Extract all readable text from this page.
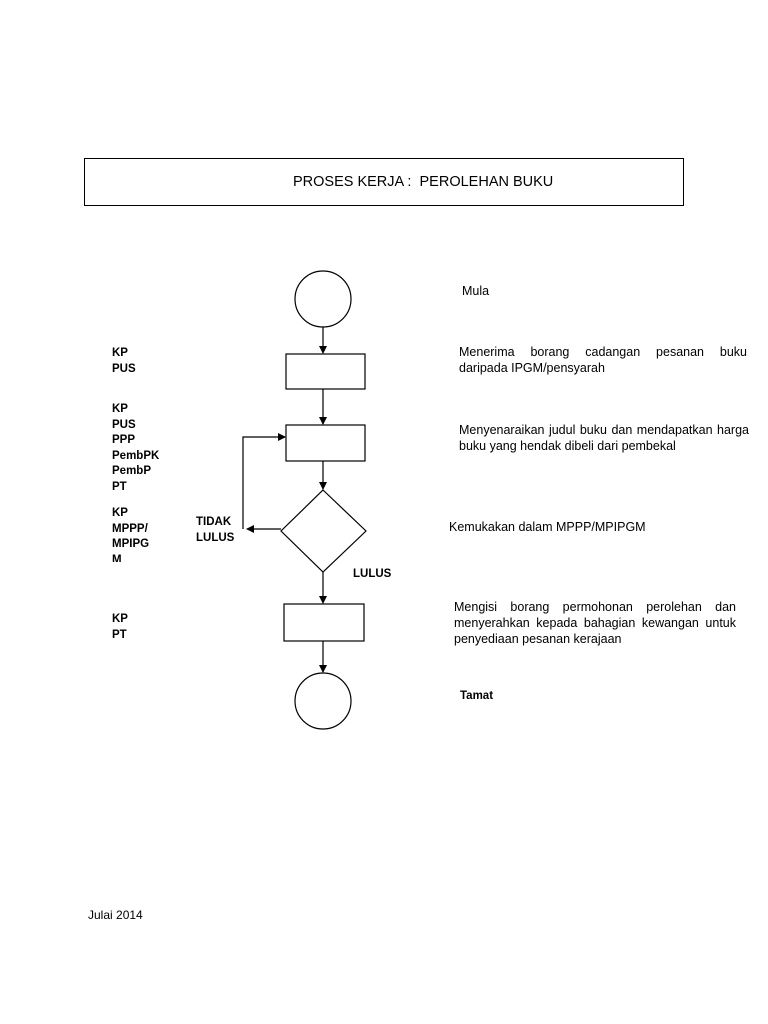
PROSES KERJA :  PEROLEHAN BUKU
KP
PUS
KP
PUS
PPP
PembPK
PembP
PT
KP
MPPP/
MPIPG
M
KP
PT
TIDAK
LULUS
LULUS
Mula
Menerima borang cadangan pesanan buku daripada IPGM/pensyarah
Menyenaraikan judul buku dan mendapatkan harga buku yang hendak dibeli dari pembekal
Kemukakan dalam MPPP/MPIPGM
Mengisi borang permohonan perolehan dan menyerahkan kepada bahagian kewangan untuk penyediaan pesanan kerajaan
Tamat
Julai 2014
